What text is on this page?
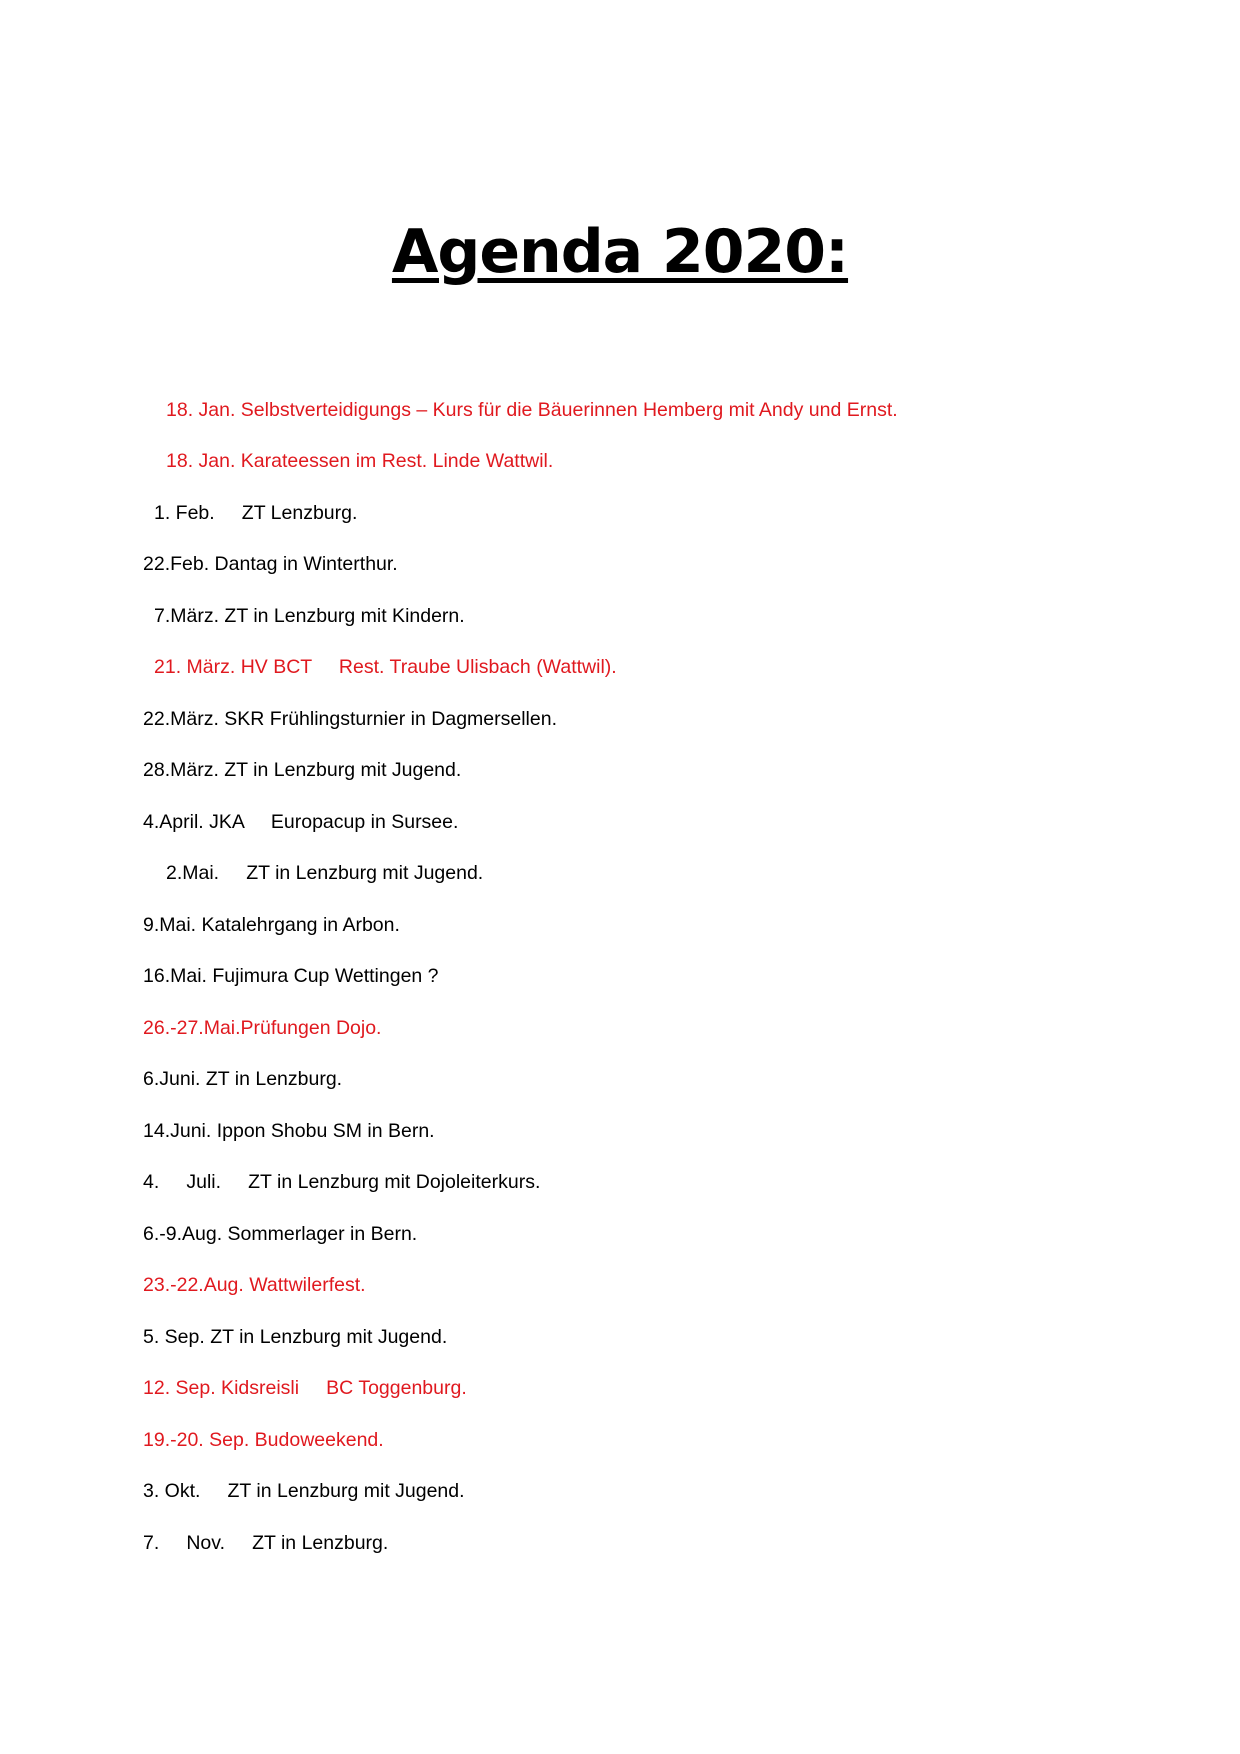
Agenda 2020:
18. Jan. Selbstverteidigungs – Kurs für die Bäuerinnen Hemberg mit Andy und Ernst.
18. Jan. Karateessen im Rest. Linde Wattwil.
1. Feb.     ZT Lenzburg.
22.Feb. Dantag in Winterthur.
7.März. ZT in Lenzburg mit Kindern.
21. März. HV BCT     Rest. Traube Ulisbach (Wattwil).
22.März. SKR Frühlingsturnier in Dagmersellen.
28.März. ZT in Lenzburg mit Jugend.
4.April. JKA     Europacup in Sursee.
2.Mai.     ZT in Lenzburg mit Jugend.
9.Mai. Katalehrgang in Arbon.
16.Mai. Fujimura Cup Wettingen ?
26.-27.Mai.Prüfungen Dojo.
6.Juni. ZT in Lenzburg.
14.Juni. Ippon Shobu SM in Bern.
4.     Juli.     ZT in Lenzburg mit Dojoleiterkurs.
6.-9.Aug. Sommerlager in Bern.
23.-22.Aug. Wattwilerfest.
5. Sep. ZT in Lenzburg mit Jugend.
12. Sep. Kidsreisli     BC Toggenburg.
19.-20. Sep. Budoweekend.
3. Okt.     ZT in Lenzburg mit Jugend.
7.     Nov.     ZT in Lenzburg.
